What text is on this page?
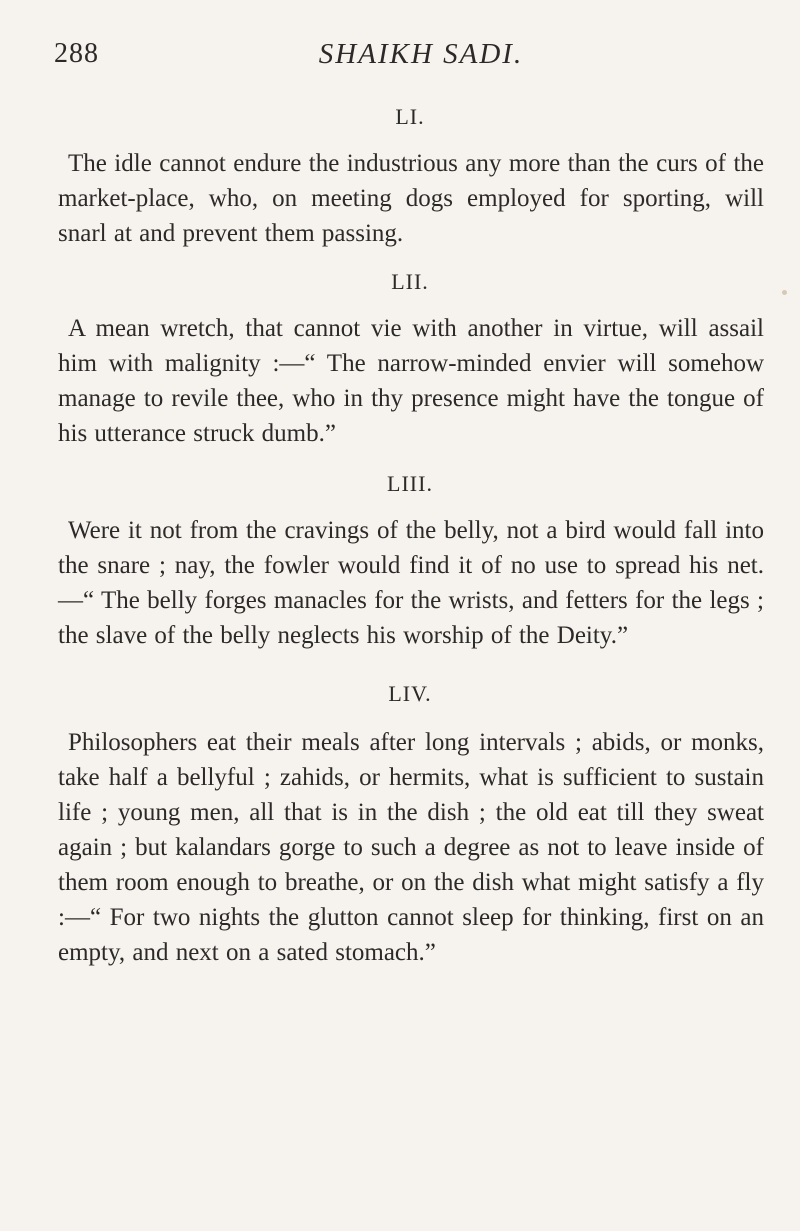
288	SHAIKH SADI.

LI.

The idle cannot endure the industrious any more than the curs of the market-place, who, on meeting dogs employed for sporting, will snarl at and prevent them passing.

LII.

A mean wretch, that cannot vie with another in virtue, will assail him with malignity :—“ The narrow-minded envier will somehow manage to revile thee, who in thy presence might have the tongue of his utterance struck dumb.”

LIII.

Were it not from the cravings of the belly, not a bird would fall into the snare ; nay, the fowler would find it of no use to spread his net.—“ The belly forges manacles for the wrists, and fetters for the legs ; the slave of the belly neglects his worship of the Deity.”

LIV.

Philosophers eat their meals after long intervals ; abids, or monks, take half a bellyful ; zahids, or hermits, what is sufficient to sustain life ; young men, all that is in the dish ; the old eat till they sweat again ; but kalandars gorge to such a degree as not to leave inside of them room enough to breathe, or on the dish what might satisfy a fly :—“ For two nights the glutton cannot sleep for thinking, first on an empty, and next on a sated stomach.”
